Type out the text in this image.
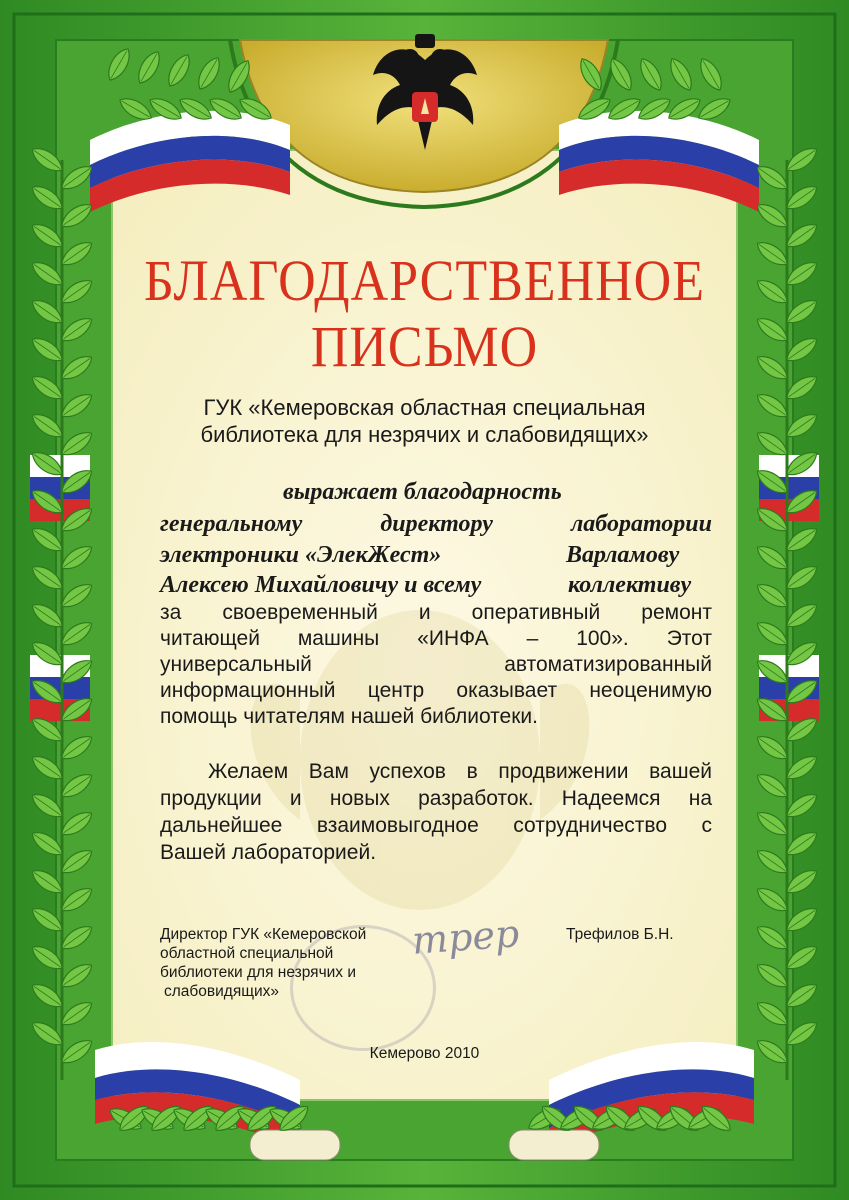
БЛАГОДАРСТВЕННОЕ
ПИСЬМО
ГУК «Кемеровская областная специальная
библиотека для незрячих и слабовидящих»
выражает благодарность
генеральному директору лаборатории
электроники «ЭлекЖест»	Варламову
Алексею Михайловичу и всему	коллективу
за своевременный и оперативный ремонт
читающей машины «ИНФА – 100». Этот
универсальный автоматизированный
информационный центр оказывает неоценимую
помощь читателям нашей библиотеки.
Желаем Вам успехов в продвижении вашей
продукции и новых разработок. Надеемся на
дальнейшее взаимовыгодное сотрудничество с
Вашей лабораторией.
Директор ГУК «Кемеровской
областной специальной
библиотеки для незрячих и
слабовидящих»
трер	Трефилов Б.Н.
Кемерово 2010
